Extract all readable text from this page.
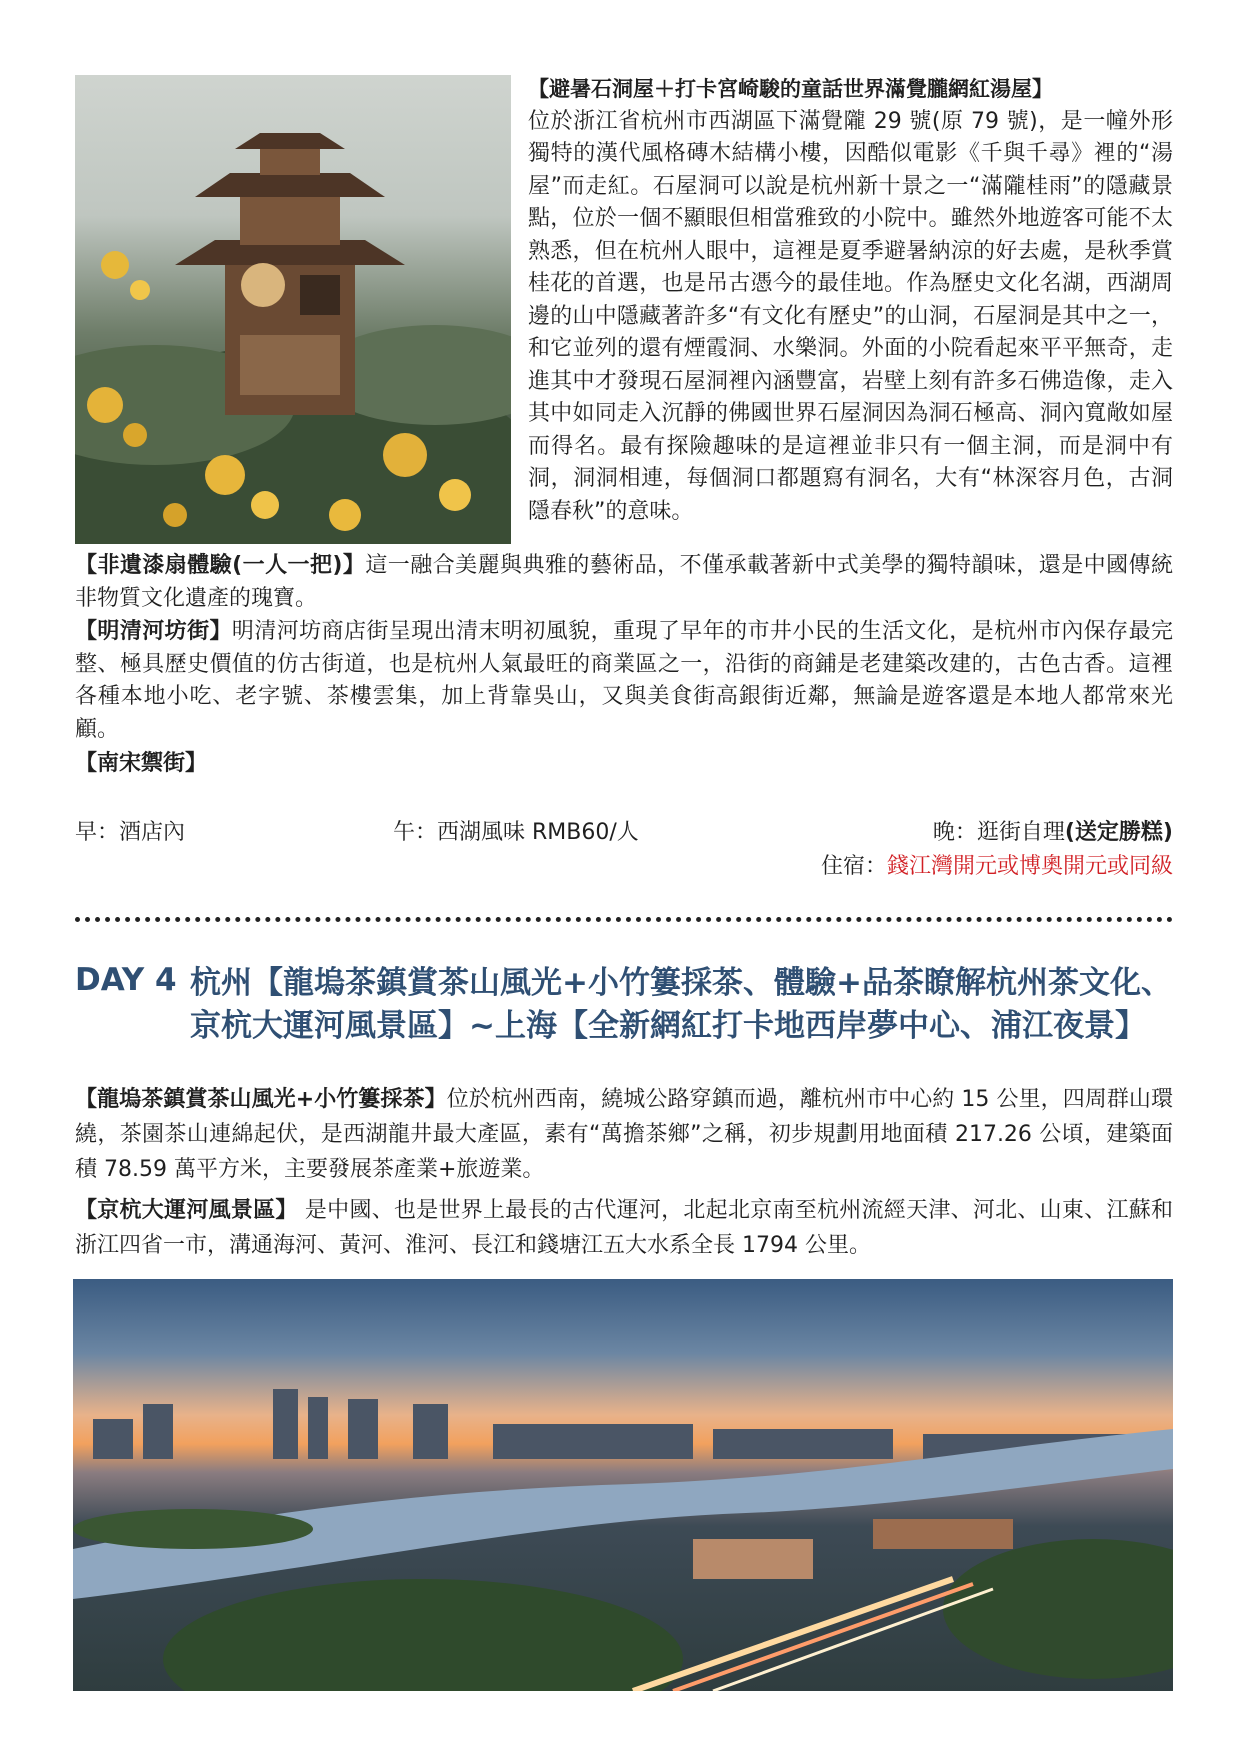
【避暑石洞屋＋打卡宮崎駿的童話世界滿覺朧網紅湯屋】

位於浙江省杭州市西湖區下滿覺隴 29 號(原 79 號)，是一幢外形獨特的漢代風格磚木結構小樓，因酷似電影《千與千尋》裡的“湯屋”而走紅。石屋洞可以說是杭州新十景之一“滿隴桂雨”的隱藏景點，位於一個不顯眼但相當雅致的小院中。雖然外地遊客可能不太熟悉，但在杭州人眼中，這裡是夏季避暑納涼的好去處，是秋季賞桂花的首選，也是吊古憑今的最佳地。作為歷史文化名湖，西湖周邊的山中隱藏著許多“有文化有歷史”的山洞，石屋洞是其中之一，和它並列的還有煙霞洞、水樂洞。外面的小院看起來平平無奇，走進其中才發現石屋洞裡內涵豐富，岩壁上刻有許多石佛造像，走入其中如同走入沉靜的佛國世界石屋洞因為洞石極高、洞內寬敞如屋而得名。最有探險趣味的是這裡並非只有一個主洞，而是洞中有洞，洞洞相連，每個洞口都題寫有洞名，大有“林深容月色，古洞隱春秋”的意味。

【非遺漆扇體驗(一人一把)】這一融合美麗與典雅的藝術品，不僅承載著新中式美學的獨特韻味，還是中國傳統非物質文化遺產的瑰寶。

【明清河坊街】明清河坊商店街呈現出清末明初風貌，重現了早年的市井小民的生活文化，是杭州市內保存最完整、極具歷史價值的仿古街道，也是杭州人氣最旺的商業區之一，沿街的商鋪是老建築改建的，古色古香。這裡各種本地小吃、老字號、茶樓雲集，加上背靠吳山，又與美食街高銀街近鄰，無論是遊客還是本地人都常來光顧。

【南宋禦街】

早：酒店內	午：西湖風味 RMB60/人	晚：逛街自理(送定勝糕)
住宿：錢江灣開元或博奧開元或同級
DAY 4 杭州【龍塢茶鎮賞茶山風光+小竹簍採茶、體驗+品茶瞭解杭州茶文化、京杭大運河風景區】~上海【全新網紅打卡地西岸夢中心、浦江夜景】

【龍塢茶鎮賞茶山風光+小竹簍採茶】位於杭州西南，繞城公路穿鎮而過，離杭州市中心約 15 公里，四周群山環繞，茶園茶山連綿起伏，是西湖龍井最大產區，素有“萬擔茶鄉”之稱，初步規劃用地面積 217.26 公頃，建築面積 78.59 萬平方米，主要發展茶產業+旅遊業。

【京杭大運河風景區】 是中國、也是世界上最長的古代運河，北起北京南至杭州流經天津、河北、山東、江蘇和浙江四省一市，溝通海河、黃河、淮河、長江和錢塘江五大水系全長 1794 公里。
